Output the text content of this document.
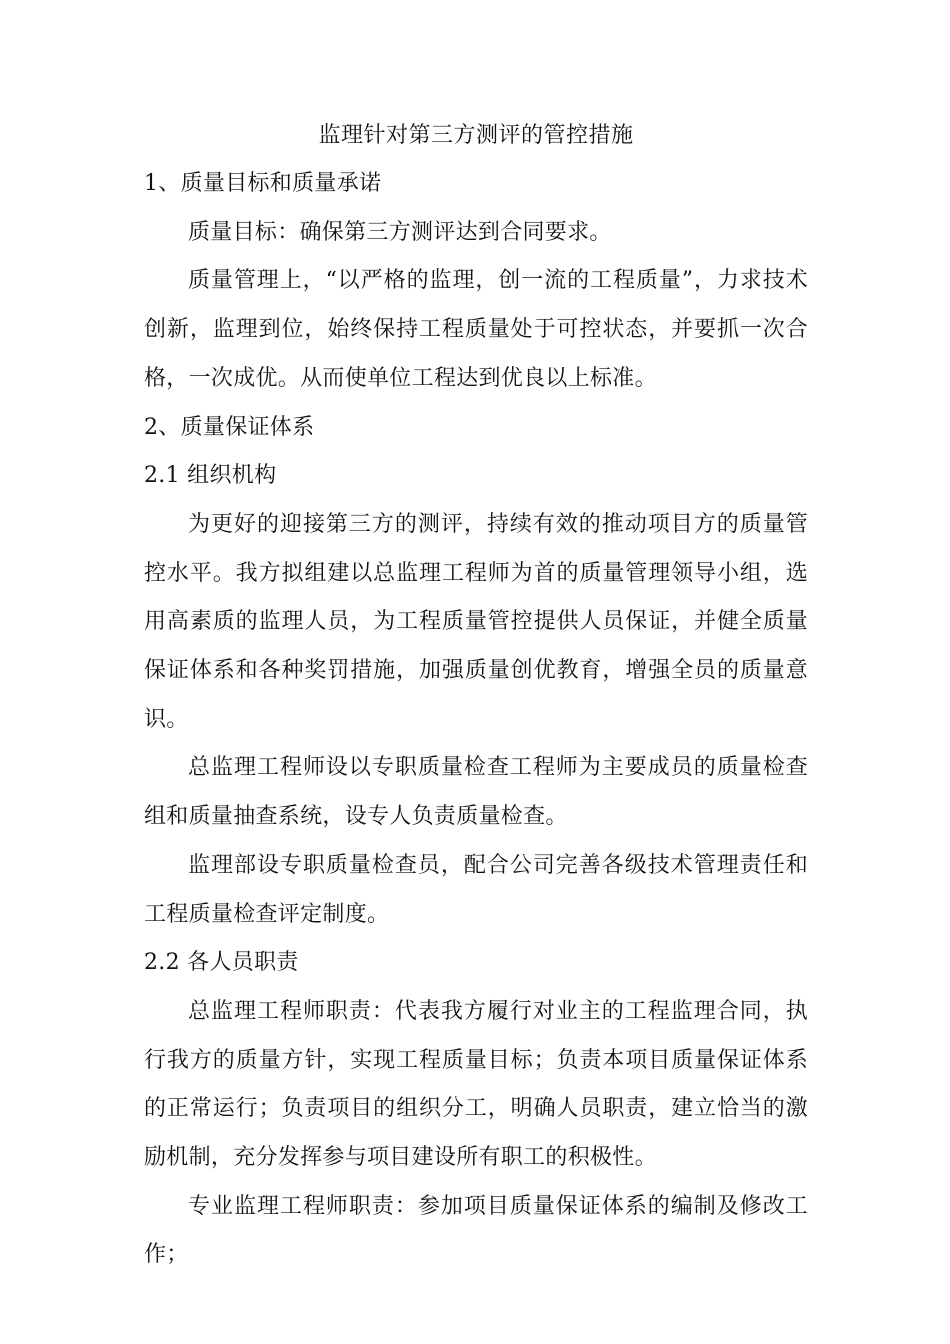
监理针对第三方测评的管控措施

1、质量目标和质量承诺

质量目标：确保第三方测评达到合同要求。

质量管理上，“以严格的监理，创一流的工程质量”，力求技术创新，监理到位，始终保持工程质量处于可控状态，并要抓一次合格，一次成优。从而使单位工程达到优良以上标准。

2、质量保证体系

2.1 组织机构

为更好的迎接第三方的测评，持续有效的推动项目方的质量管控水平。我方拟组建以总监理工程师为首的质量管理领导小组，选用高素质的监理人员，为工程质量管控提供人员保证，并健全质量保证体系和各种奖罚措施，加强质量创优教育，增强全员的质量意识。

总监理工程师设以专职质量检查工程师为主要成员的质量检查组和质量抽查系统，设专人负责质量检查。

监理部设专职质量检查员，配合公司完善各级技术管理责任和工程质量检查评定制度。

2.2 各人员职责

总监理工程师职责：代表我方履行对业主的工程监理合同，执行我方的质量方针，实现工程质量目标；负责本项目质量保证体系的正常运行；负责项目的组织分工，明确人员职责，建立恰当的激励机制，充分发挥参与项目建设所有职工的积极性。

专业监理工程师职责：参加项目质量保证体系的编制及修改工作；
